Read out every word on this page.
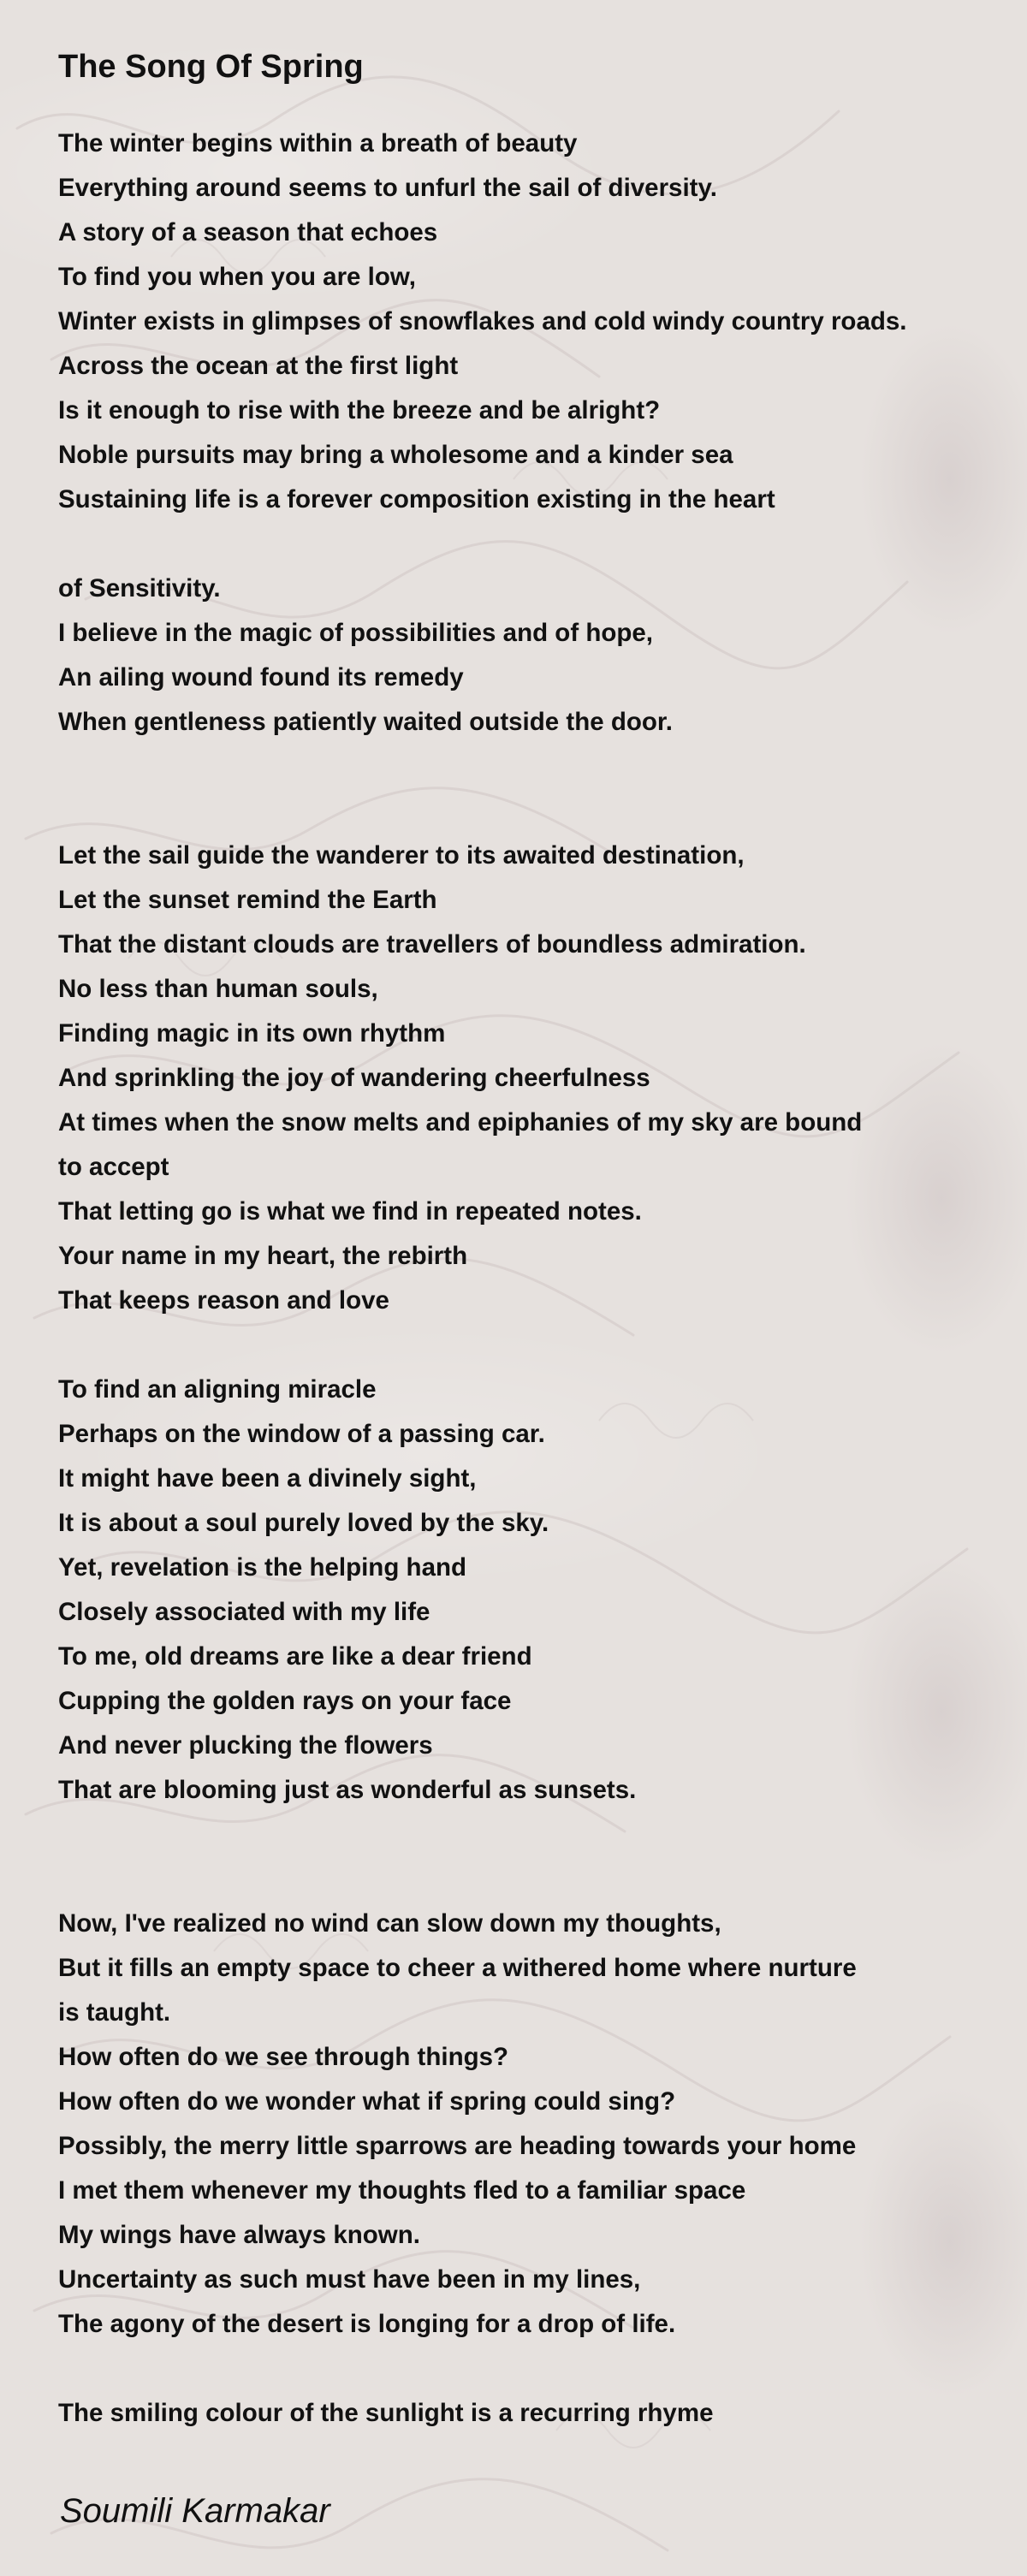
The Song Of Spring
The winter begins within a breath of beauty
Everything around seems to unfurl the sail of diversity.
A story of a season that echoes
To find you when you are low,
Winter exists in glimpses of snowflakes and cold windy country roads.
Across the ocean at the first light
Is it enough to rise with the breeze and be alright?
Noble pursuits may bring a wholesome and a kinder sea
Sustaining life is a forever composition existing in the heart
of Sensitivity.
I believe in the magic of possibilities and of hope,
An ailing wound found its remedy
When gentleness patiently waited outside the door.
Let the sail guide the wanderer to its awaited destination,
Let the sunset remind the Earth
That the distant clouds are travellers of boundless admiration.
No less than human souls,
Finding magic in its own rhythm
And sprinkling the joy of wandering cheerfulness
At times when the snow melts and epiphanies of my sky are bound
to accept
That letting go is what we find in repeated notes.
Your name in my heart, the rebirth
That keeps reason and love
To find an aligning miracle
Perhaps on the window of a passing car.
It might have been a divinely sight,
It is about a soul purely loved by the sky.
Yet, revelation is the helping hand
Closely associated with my life
To me, old dreams are like a dear friend
Cupping the golden rays on your face
And never plucking the flowers
That are blooming just as wonderful as sunsets.
Now, I've realized no wind can slow down my thoughts,
But it fills an empty space to cheer a withered home where nurture
is taught.
How often do we see through things?
How often do we wonder what if spring could sing?
Possibly, the merry little sparrows are heading towards your home
I met them whenever my thoughts fled to a familiar space
My wings have always known.
Uncertainty as such must have been in my lines,
The agony of the desert is longing for a drop of life.
The smiling colour of the sunlight is a recurring rhyme
Soumili Karmakar
